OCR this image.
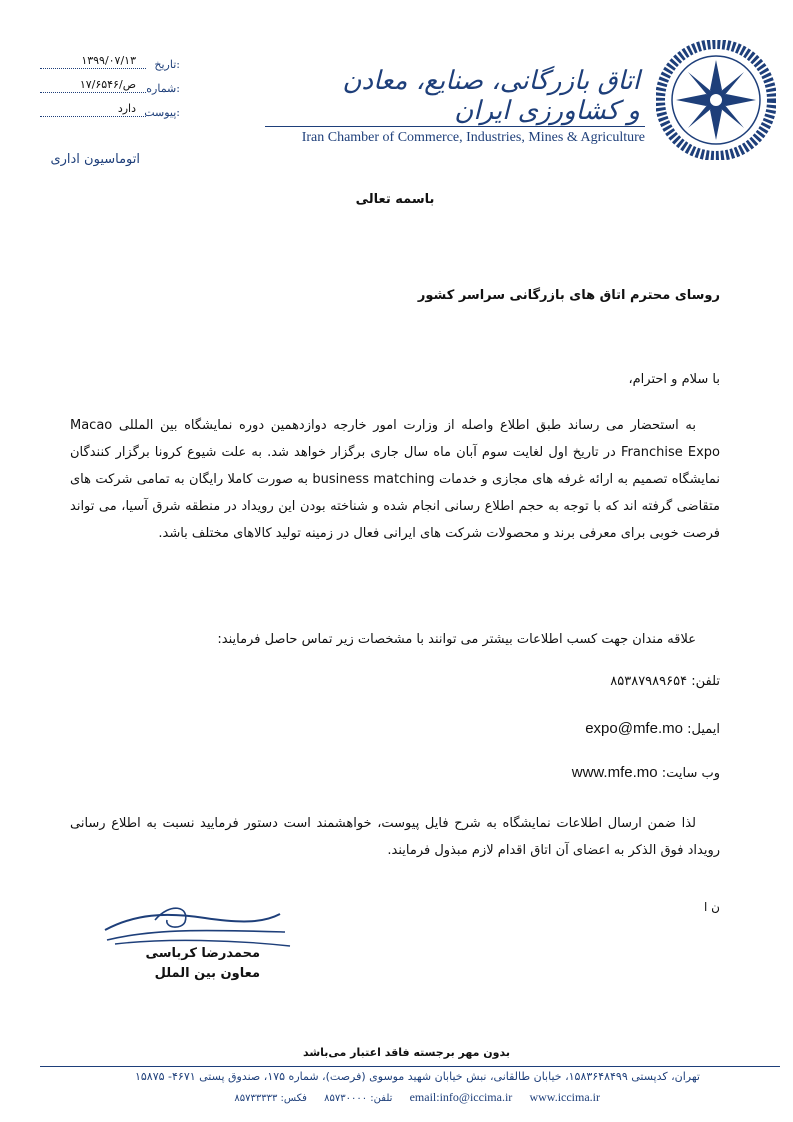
۱۳۹۹/۰۷/۱۳ تاریخ:
۱۷/۶۵۴۶/ص شماره:
دارد پیوست:
اتوماسیون اداری
اتاق بازرگانی، صنایع، معادن و کشاورزی ایران
Iran Chamber of Commerce, Industries, Mines & Agriculture
باسمه تعالی
روسای محترم اتاق های بازرگانی سراسر کشور
با سلام و احترام،
به استحضار می رساند طبق اطلاع واصله از وزارت امور خارجه دوازدهمین دوره نمایشگاه بین المللی Macao Franchise Expo در تاریخ اول لغایت سوم آبان ماه سال جاری برگزار خواهد شد. به علت شیوع کرونا برگزار کنندگان نمایشگاه تصمیم به ارائه غرفه های مجازی و خدمات business matching به صورت کاملا رایگان به تمامی شرکت های متقاضی گرفته اند که با توجه به حجم اطلاع رسانی انجام شده و شناخته بودن این رویداد در منطقه شرق آسیا، می تواند فرصت خوبی برای معرفی برند و محصولات شرکت های ایرانی فعال در زمینه تولید کالاهای مختلف باشد.
علاقه مندان جهت کسب اطلاعات بیشتر می توانند با مشخصات زیر تماس حاصل فرمایند:
تلفن: ۸۵۳۸۷۹۸۹۶۵۴
ایمیل: expo@mfe.mo
وب سایت: www.mfe.mo
لذا ضمن ارسال اطلاعات نمایشگاه به شرح فایل پیوست، خواهشمند است دستور فرمایید نسبت به اطلاع رسانی رویداد فوق الذکر به اعضای آن اتاق اقدام لازم مبذول فرمایند.
ن ا
محمدرضا کرباسی
معاون بین الملل
بدون مهر برجسته فاقد اعتبار می‌باشد
تهران، کدپستی ۱۵۸۳۶۴۸۴۹۹، خیابان طالقانی، نبش خیابان شهید موسوی (فرصت)، شماره ۱۷۵، صندوق پستی ۴۶۷۱- ۱۵۸۷۵
تلفن: ۸۵۷۳۰۰۰۰ فکس: ۸۵۷۳۳۳۳۳	email:info@iccima.ir www.iccima.ir
